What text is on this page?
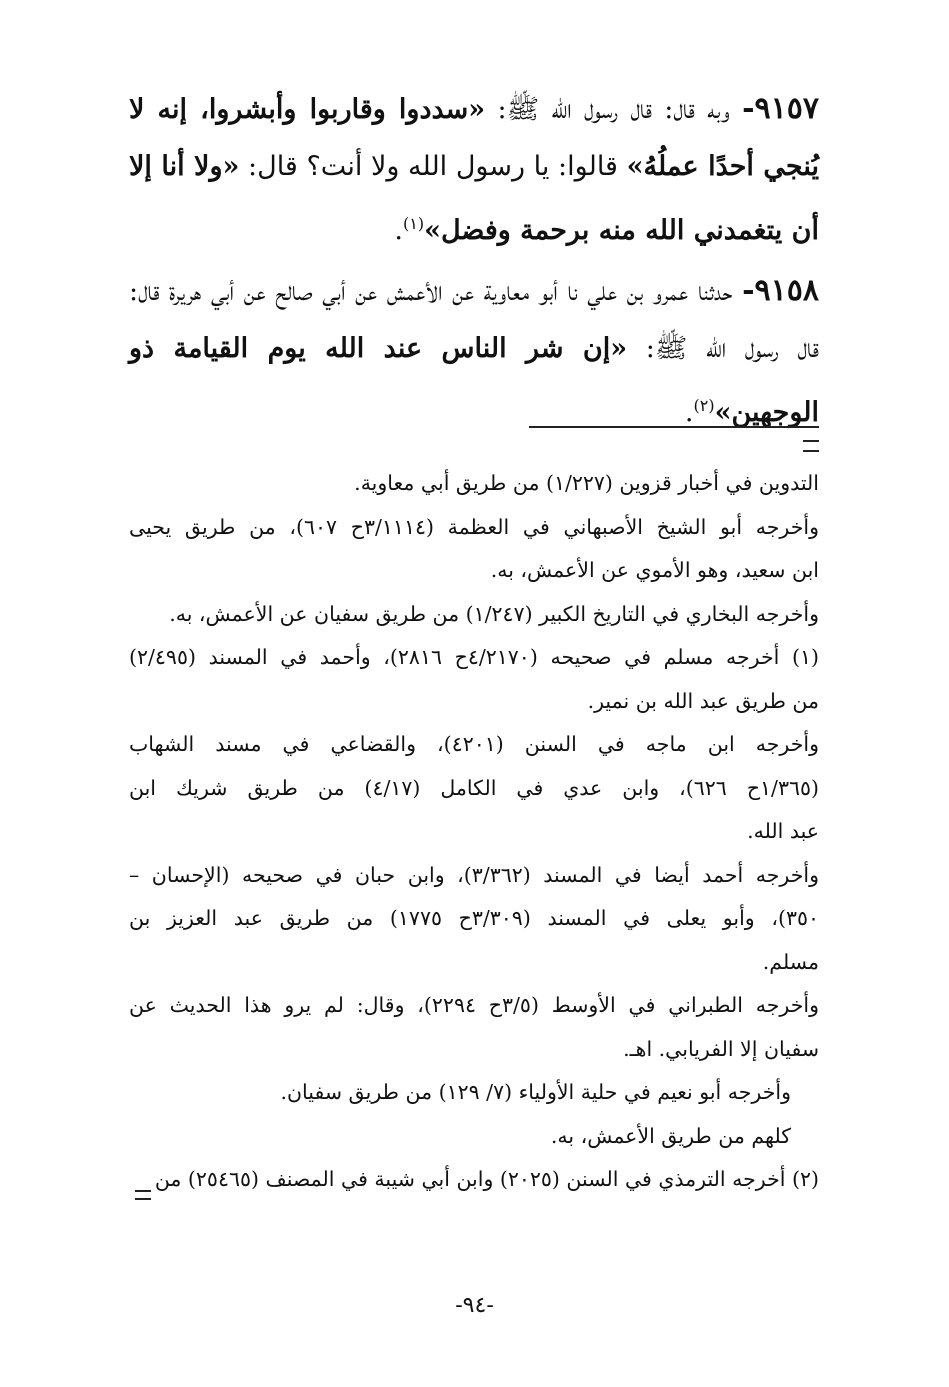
٩١٥٧- وبه قال: قال رسول الله ﷺ: «سددوا وقاربوا وأبشروا، إنه لا يُنجي أحدًا عملُهُ» قالوا: يا رسول الله ولا أنت؟ قال: «ولا أنا إلا أن يتغمدني الله منه برحمة وفضل»$^{(١)}$.
٩١٥٨- حدثنا عمرو بن علي نا أبو معاوية عن الأعمش عن أبي صالح عن أبي هريرة قال: قال رسول الله ﷺ: «إن شر الناس عند الله يوم القيامة ذو الوجهين»$^{(٢)}$.
التدوين في أخبار قزوين (١/٢٢٧) من طريق أبي معاوية.
وأخرجه أبو الشيخ الأصبهاني في العظمة (٣/١١١٤ح ٦٠٧)، من طريق يحيى
ابن سعيد، وهو الأموي عن الأعمش، به.
وأخرجه البخاري في التاريخ الكبير (١/٢٤٧) من طريق سفيان عن الأعمش، به.
(١) أخرجه مسلم في صحيحه (٤/٢١٧٠ح ٢٨١٦)، وأحمد في المسند (٢/٤٩٥)
من طريق عبد الله بن نمير.
وأخرجه ابن ماجه في السنن (٤٢٠١)، والقضاعي في مسند الشهاب
(١/٣٦٥ح ٦٢٦)، وابن عدي في الكامل (٤/١٧) من طريق شريك ابن
عبد الله.
وأخرجه أحمد أيضا في المسند (٣/٣٦٢)، وابن حبان في صحيحه (الإحسان –
٣٥٠)، وأبو يعلى في المسند (٣/٣٠٩ح ١٧٧٥) من طريق عبد العزيز بن
مسلم.
وأخرجه الطبراني في الأوسط (٣/٥ح ٢٢٩٤)، وقال: لم يرو هذا الحديث عن
سفيان إلا الفريابي. اهـ.
وأخرجه أبو نعيم في حلية الأولياء (٧/ ١٢٩) من طريق سفيان.
كلهم من طريق الأعمش، به.
(٢) أخرجه الترمذي في السنن (٢٠٢٥) وابن أبي شيبة في المصنف (٢٥٤٦٥) من
-٩٤-
